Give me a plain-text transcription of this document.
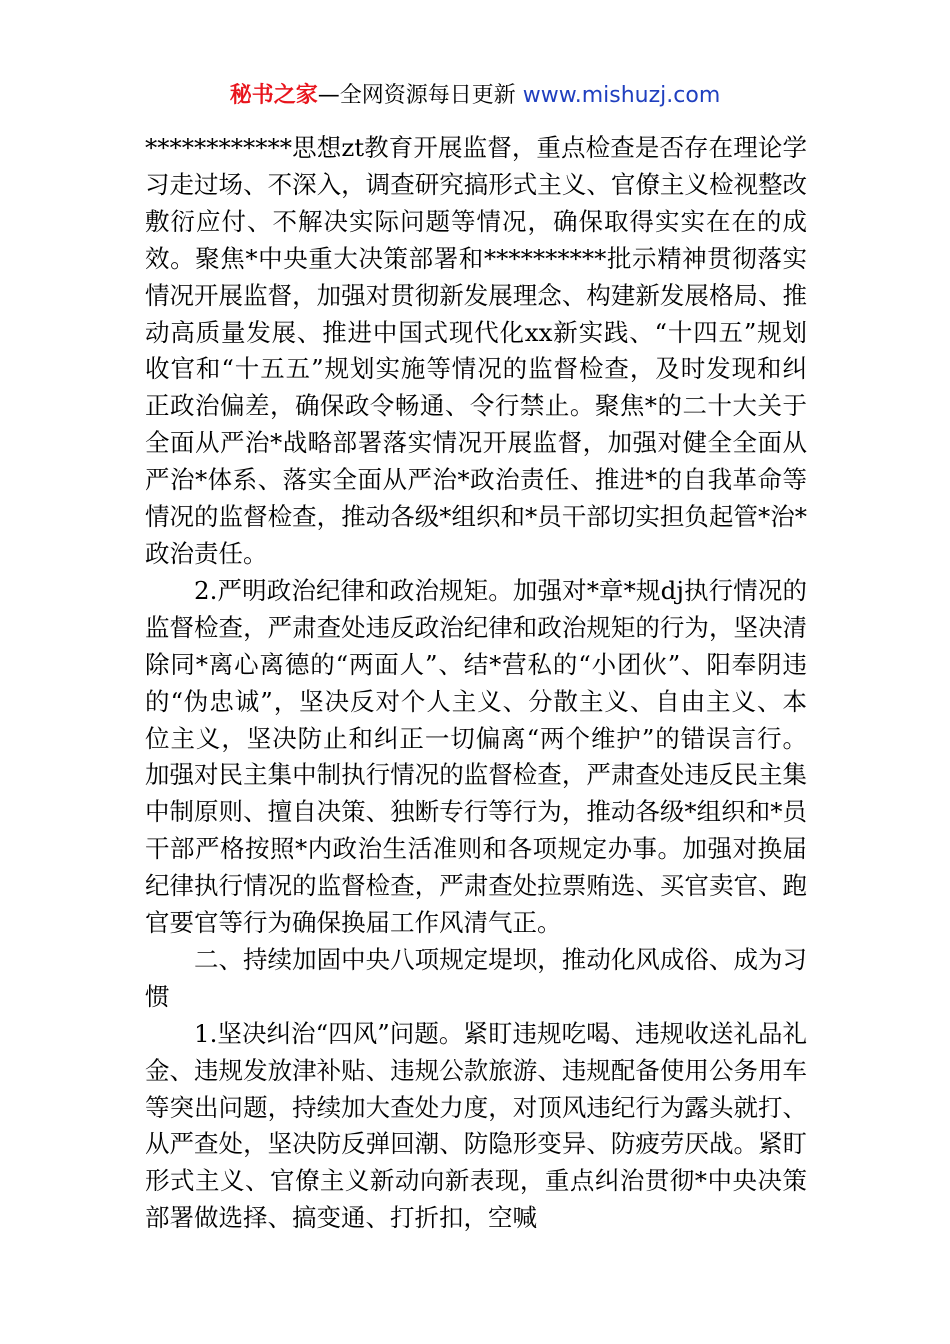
秘书之家—全网资源每日更新 www.mishuzj.com

************思想zt教育开展监督，重点检查是否存在理论学习走过场、不深入，调查研究搞形式主义、官僚主义检视整改敷衍应付、不解决实际问题等情况，确保取得实实在在的成效。聚焦*中央重大决策部署和**********批示精神贯彻落实情况开展监督，加强对贯彻新发展理念、构建新发展格局、推动高质量发展、推进中国式现代化xx新实践、“十四五”规划收官和“十五五”规划实施等情况的监督检查，及时发现和纠正政治偏差，确保政令畅通、令行禁止。聚焦*的二十大关于全面从严治*战略部署落实情况开展监督，加强对健全全面从严治*体系、落实全面从严治*政治责任、推进*的自我革命等情况的监督检查，推动各级*组织和*员干部切实担负起管*治*政治责任。

2.严明政治纪律和政治规矩。加强对*章*规dj执行情况的监督检查，严肃查处违反政治纪律和政治规矩的行为，坚决清除同*离心离德的“两面人”、结*营私的“小团伙”、阳奉阴违的“伪忠诚”，坚决反对个人主义、分散主义、自由主义、本位主义，坚决防止和纠正一切偏离“两个维护”的错误言行。加强对民主集中制执行情况的监督检查，严肃查处违反民主集中制原则、擅自决策、独断专行等行为，推动各级*组织和*员干部严格按照*内政治生活准则和各项规定办事。加强对换届纪律执行情况的监督检查，严肃查处拉票贿选、买官卖官、跑官要官等行为确保换届工作风清气正。

二、持续加固中央八项规定堤坝，推动化风成俗、成为习惯

1.坚决纠治“四风”问题。紧盯违规吃喝、违规收送礼品礼金、违规发放津补贴、违规公款旅游、违规配备使用公务用车等突出问题，持续加大查处力度，对顶风违纪行为露头就打、从严查处，坚决防反弹回潮、防隐形变异、防疲劳厌战。紧盯形式主义、官僚主义新动向新表现，重点纠治贯彻*中央决策部署做选择、搞变通、打折扣，空喊
